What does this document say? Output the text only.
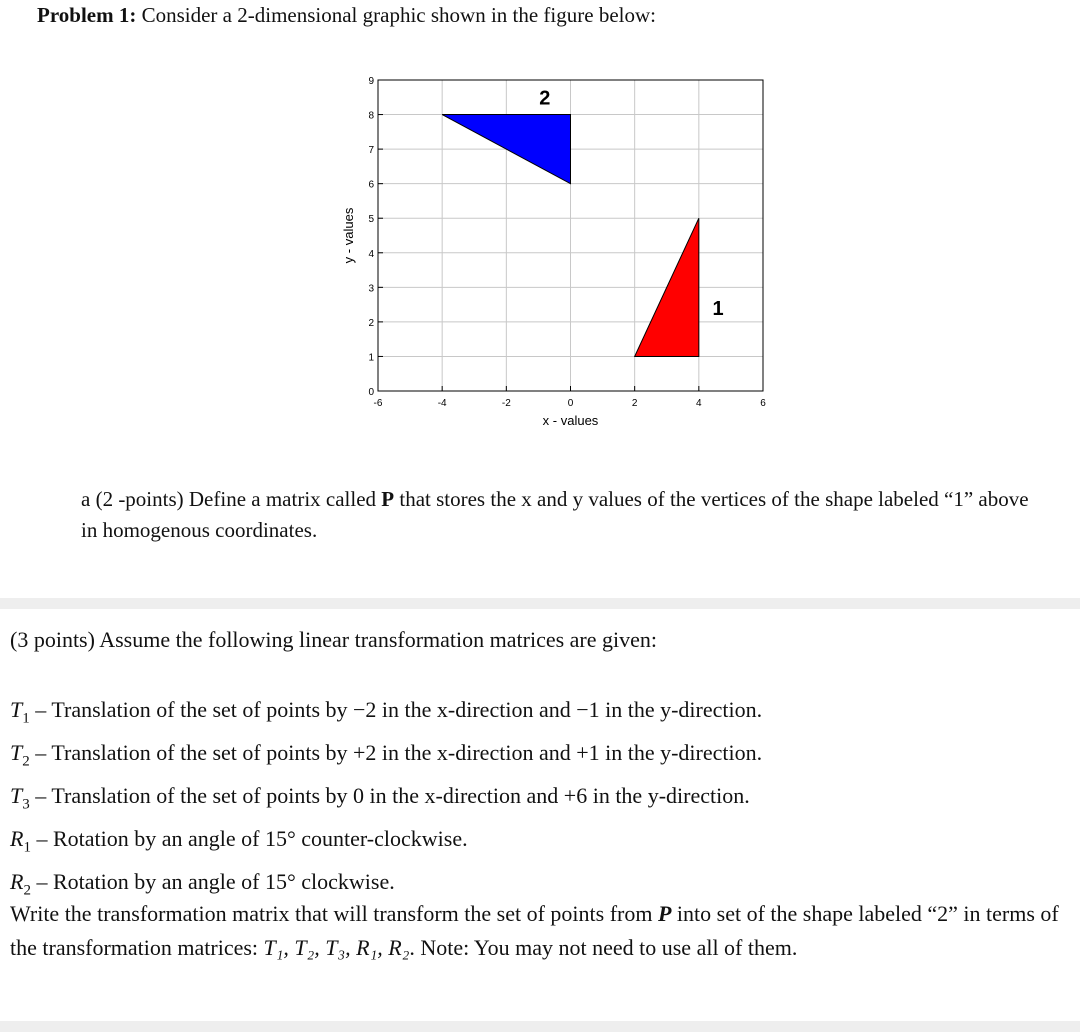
Problem 1: Consider a 2-dimensional graphic shown in the figure below:
1
2
-6	-4	-2	0	2	4	6
0
1
2
3
4
5
6
7
8
9
x - values
y - values
a (2 -points) Define a matrix called P that stores the x and y values of the vertices of the shape labeled “1” above in homogenous coordinates.
(3 points) Assume the following linear transformation matrices are given:
$T_1$ – Translation of the set of points by −2 in the x-direction and −1 in the y-direction.
$T_2$ – Translation of the set of points by +2 in the x-direction and +1 in the y-direction.
$T_3$ – Translation of the set of points by 0 in the x-direction and +6 in the y-direction.
$R_1$ – Rotation by an angle of 15° counter-clockwise.
$R_2$ – Rotation by an angle of 15° clockwise.
Write the transformation matrix that will transform the set of points from P into set of the shape labeled “2” in terms of the transformation matrices: T₁, T₂, T₃, R₁, R₂. Note: You may not need to use all of them.
